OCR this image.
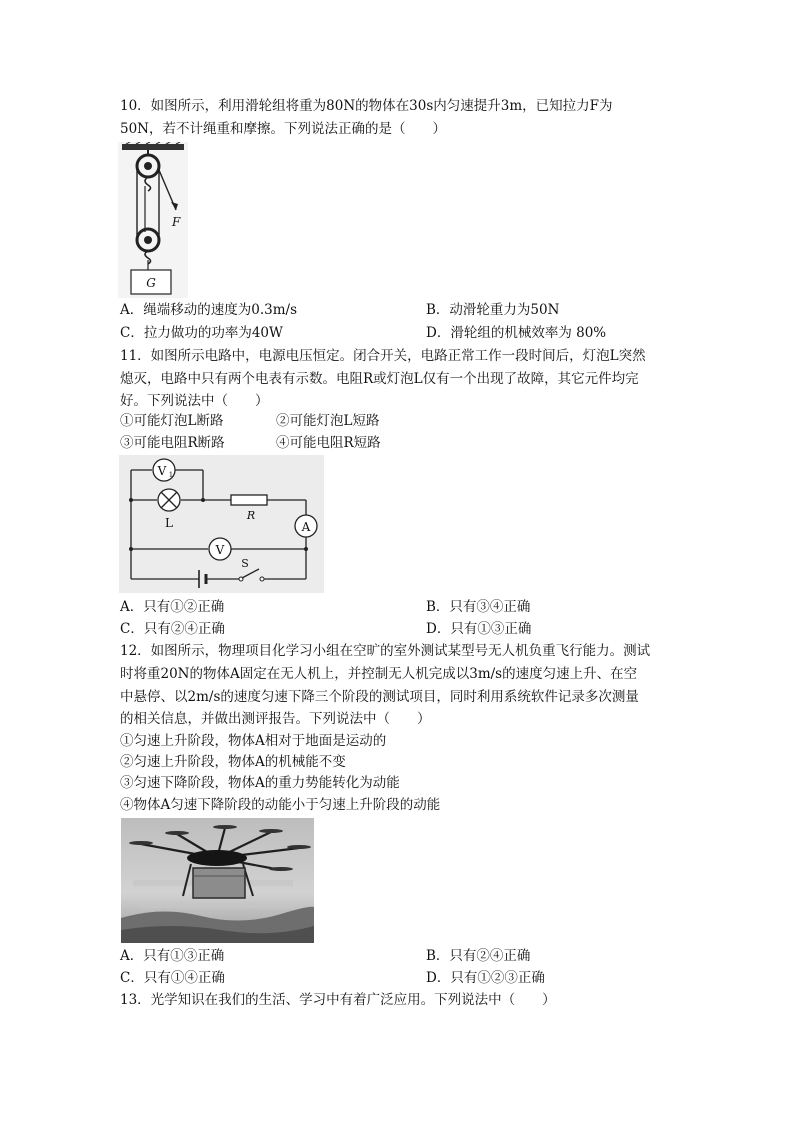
10．如图所示，利用滑轮组将重为80N的物体在30s内匀速提升3m，已知拉力F为
50N，若不计绳重和摩擦。下列说法正确的是（　　）
F
G
A．绳端移动的速度为0.3m/s	B．动滑轮重力为50N
C．拉力做功的功率为40W	D．滑轮组的机械效率为 80%
11．如图所示电路中，电源电压恒定。闭合开关，电路正常工作一段时间后，灯泡L突然
熄灭，电路中只有两个电表有示数。电阻R或灯泡L仅有一个出现了故障，其它元件均完
好。下列说法中（　　）
①可能灯泡L断路	②可能灯泡L短路
③可能电阻R断路	④可能电阻R短路
V 1
L
R
A
V
S
A．只有①②正确	B．只有③④正确
C．只有②④正确	D．只有①③正确
12．如图所示，物理项目化学习小组在空旷的室外测试某型号无人机负重飞行能力。测试
时将重20N的物体A固定在无人机上，并控制无人机完成以3m/s的速度匀速上升、在空
中悬停、以2m/s的速度匀速下降三个阶段的测试项目，同时利用系统软件记录多次测量
的相关信息，并做出测评报告。下列说法中（　　）
①匀速上升阶段，物体A相对于地面是运动的
②匀速上升阶段，物体A的机械能不变
③匀速下降阶段，物体A的重力势能转化为动能
④物体A匀速下降阶段的动能小于匀速上升阶段的动能
A．只有①③正确	B．只有②④正确
C．只有①④正确	D．只有①②③正确
13．光学知识在我们的生活、学习中有着广泛应用。下列说法中（　　）
